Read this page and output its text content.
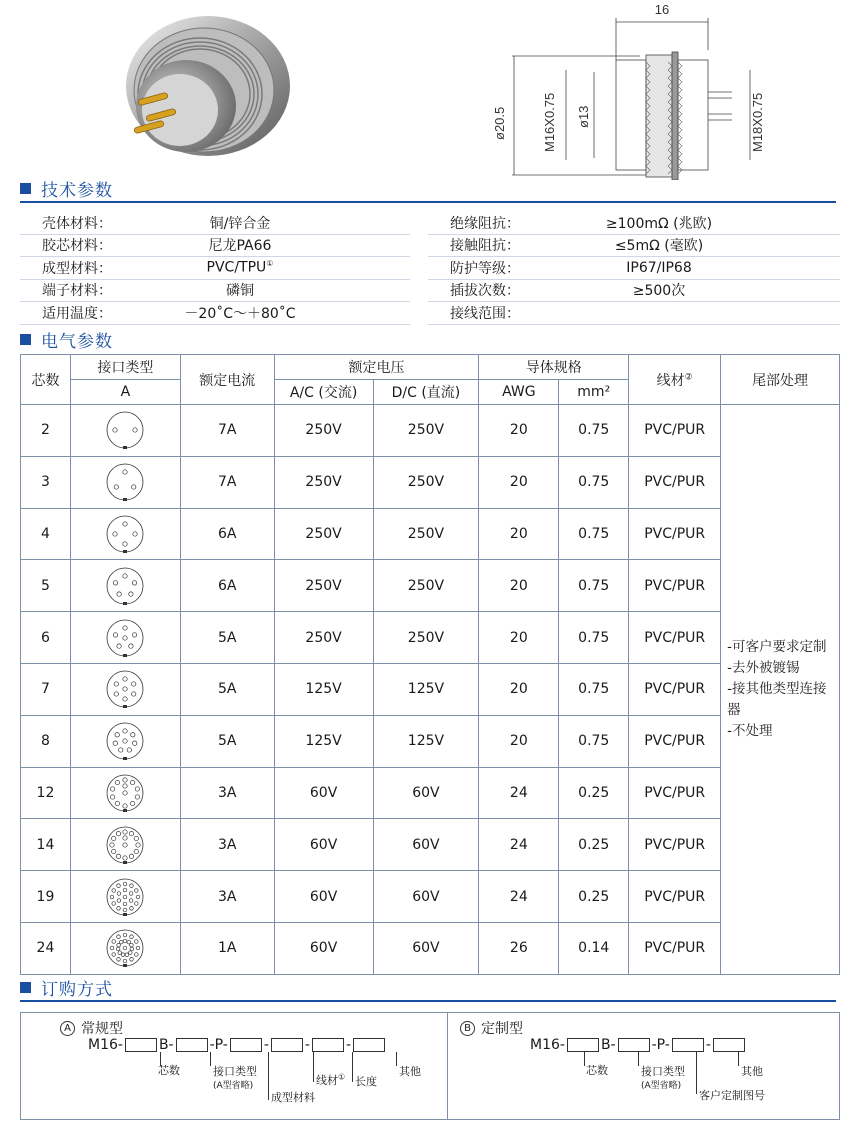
16
ø20.5	M16X0.75 ø13	M18X0.75
技术参数
壳体材料：	铜/锌合金
胶芯材料：	尼龙PA66
成型材料：	PVC/TPU①
端子材料：	磷铜
适用温度：	－20˚C～＋80˚C
绝缘阻抗：	≥100mΩ (兆欧)
接触阻抗：	≤5mΩ (毫欧)
防护等级：	IP67/IP68
插拔次数：	≥500次
接线范围：
电气参数
芯数	接口类型	额定电流	额定电压		导体规格		线材②	尾部处理
	A		A/C (交流)	D/C (直流)	AWG	mm²		
2		7A	250V	250V	20	0.75	PVC/PUR	-可客户要求定制
-去外被镀锡
-接其他类型连接器
-不处理

3		7A	250V	250V	20	0.75	PVC/PUR	
4		6A	250V	250V	20	0.75	PVC/PUR	
5		6A	250V	250V	20	0.75	PVC/PUR	
6		5A	250V	250V	20	0.75	PVC/PUR	
7		5A	125V	125V	20	0.75	PVC/PUR	
8		5A	125V	125V	20	0.75	PVC/PUR	
12		3A	60V	60V	24	0.25	PVC/PUR	
14		3A	60V	60V	24	0.25	PVC/PUR	
19		3A	60V	60V	24	0.25	PVC/PUR	
24		1A	60V	60V	26	0.14	PVC/PUR	
订购方式
A 常规型
M16-	B-	-P-	-	-	-
芯数	接口类型
(A型省略)
成型材料
线材① 长度
其他
B 定制型
M16-	B-	-P-	-
芯数	接口类型
(A型省略)
客户定制图号
其他
